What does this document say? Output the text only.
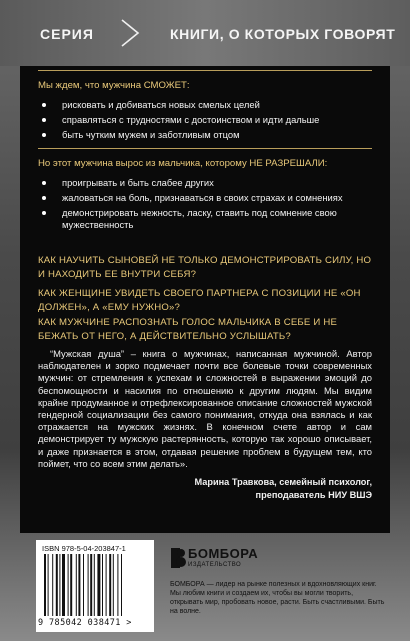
СЕРИЯ	КНИГИ, О КОТОРЫХ ГОВОРЯТ
Мы ждем, что мужчина СМОЖЕТ:
рисковать и добиваться новых смелых целей
справляться с трудностями с достоинством и идти дальше
быть чутким мужем и заботливым отцом
Но этот мужчина вырос из мальчика, которому НЕ РАЗРЕШАЛИ:
проигрывать и быть слабее других
жаловаться на боль, признаваться в своих страхах и сомнениях
демонстрировать нежность, ласку, ставить под сомнение свою мужественность
КАК НАУЧИТЬ СЫНОВЕЙ НЕ ТОЛЬКО ДЕМОНСТРИРОВАТЬ СИЛУ, НО И НАХОДИТЬ ЕЕ ВНУТРИ СЕБЯ?
КАК ЖЕНЩИНЕ УВИДЕТЬ СВОЕГО ПАРТНЕРА С ПОЗИЦИИ НЕ «ОН ДОЛЖЕН», А «ЕМУ НУЖНО»?
КАК МУЖЧИНЕ РАСПОЗНАТЬ ГОЛОС МАЛЬЧИКА В СЕБЕ И НЕ БЕЖАТЬ ОТ НЕГО, А ДЕЙСТВИТЕЛЬНО УСЛЫШАТЬ?
“Мужская душа” – книга о мужчинах, написанная мужчиной. Автор наблюдателен и зорко подмечает почти все болевые точки современных мужчин: от стремления к успехам и сложностей в выражении эмоций до беспомощности и насилия по отношению к другим людям. Мы видим крайне продуманное и отрефлексированное описание сложностей мужской гендерной социализации без самого понимания, откуда она взялась и как отражается на мужских жизнях. В конечном счете автор и сам демонстрирует ту мужскую растерянность, которую так хорошо описывает, и даже признается в этом, отдавая решение проблем в будущем тем, кто поймет, что со всем этим делать».
Марина Травкова, семейный психолог,
преподаватель НИУ ВШЭ
ISBN 978-5-04-203847-1
9 785042 038471 >
БОМБОРА
ИЗДАТЕЛЬСТВО
БОМБОРА — лидер на рынке полезных и вдохновляющих книг. Мы любим книги и создаем их, чтобы вы могли творить, открывать мир, пробовать новое, расти. Быть счастливыми. Быть на волне.
